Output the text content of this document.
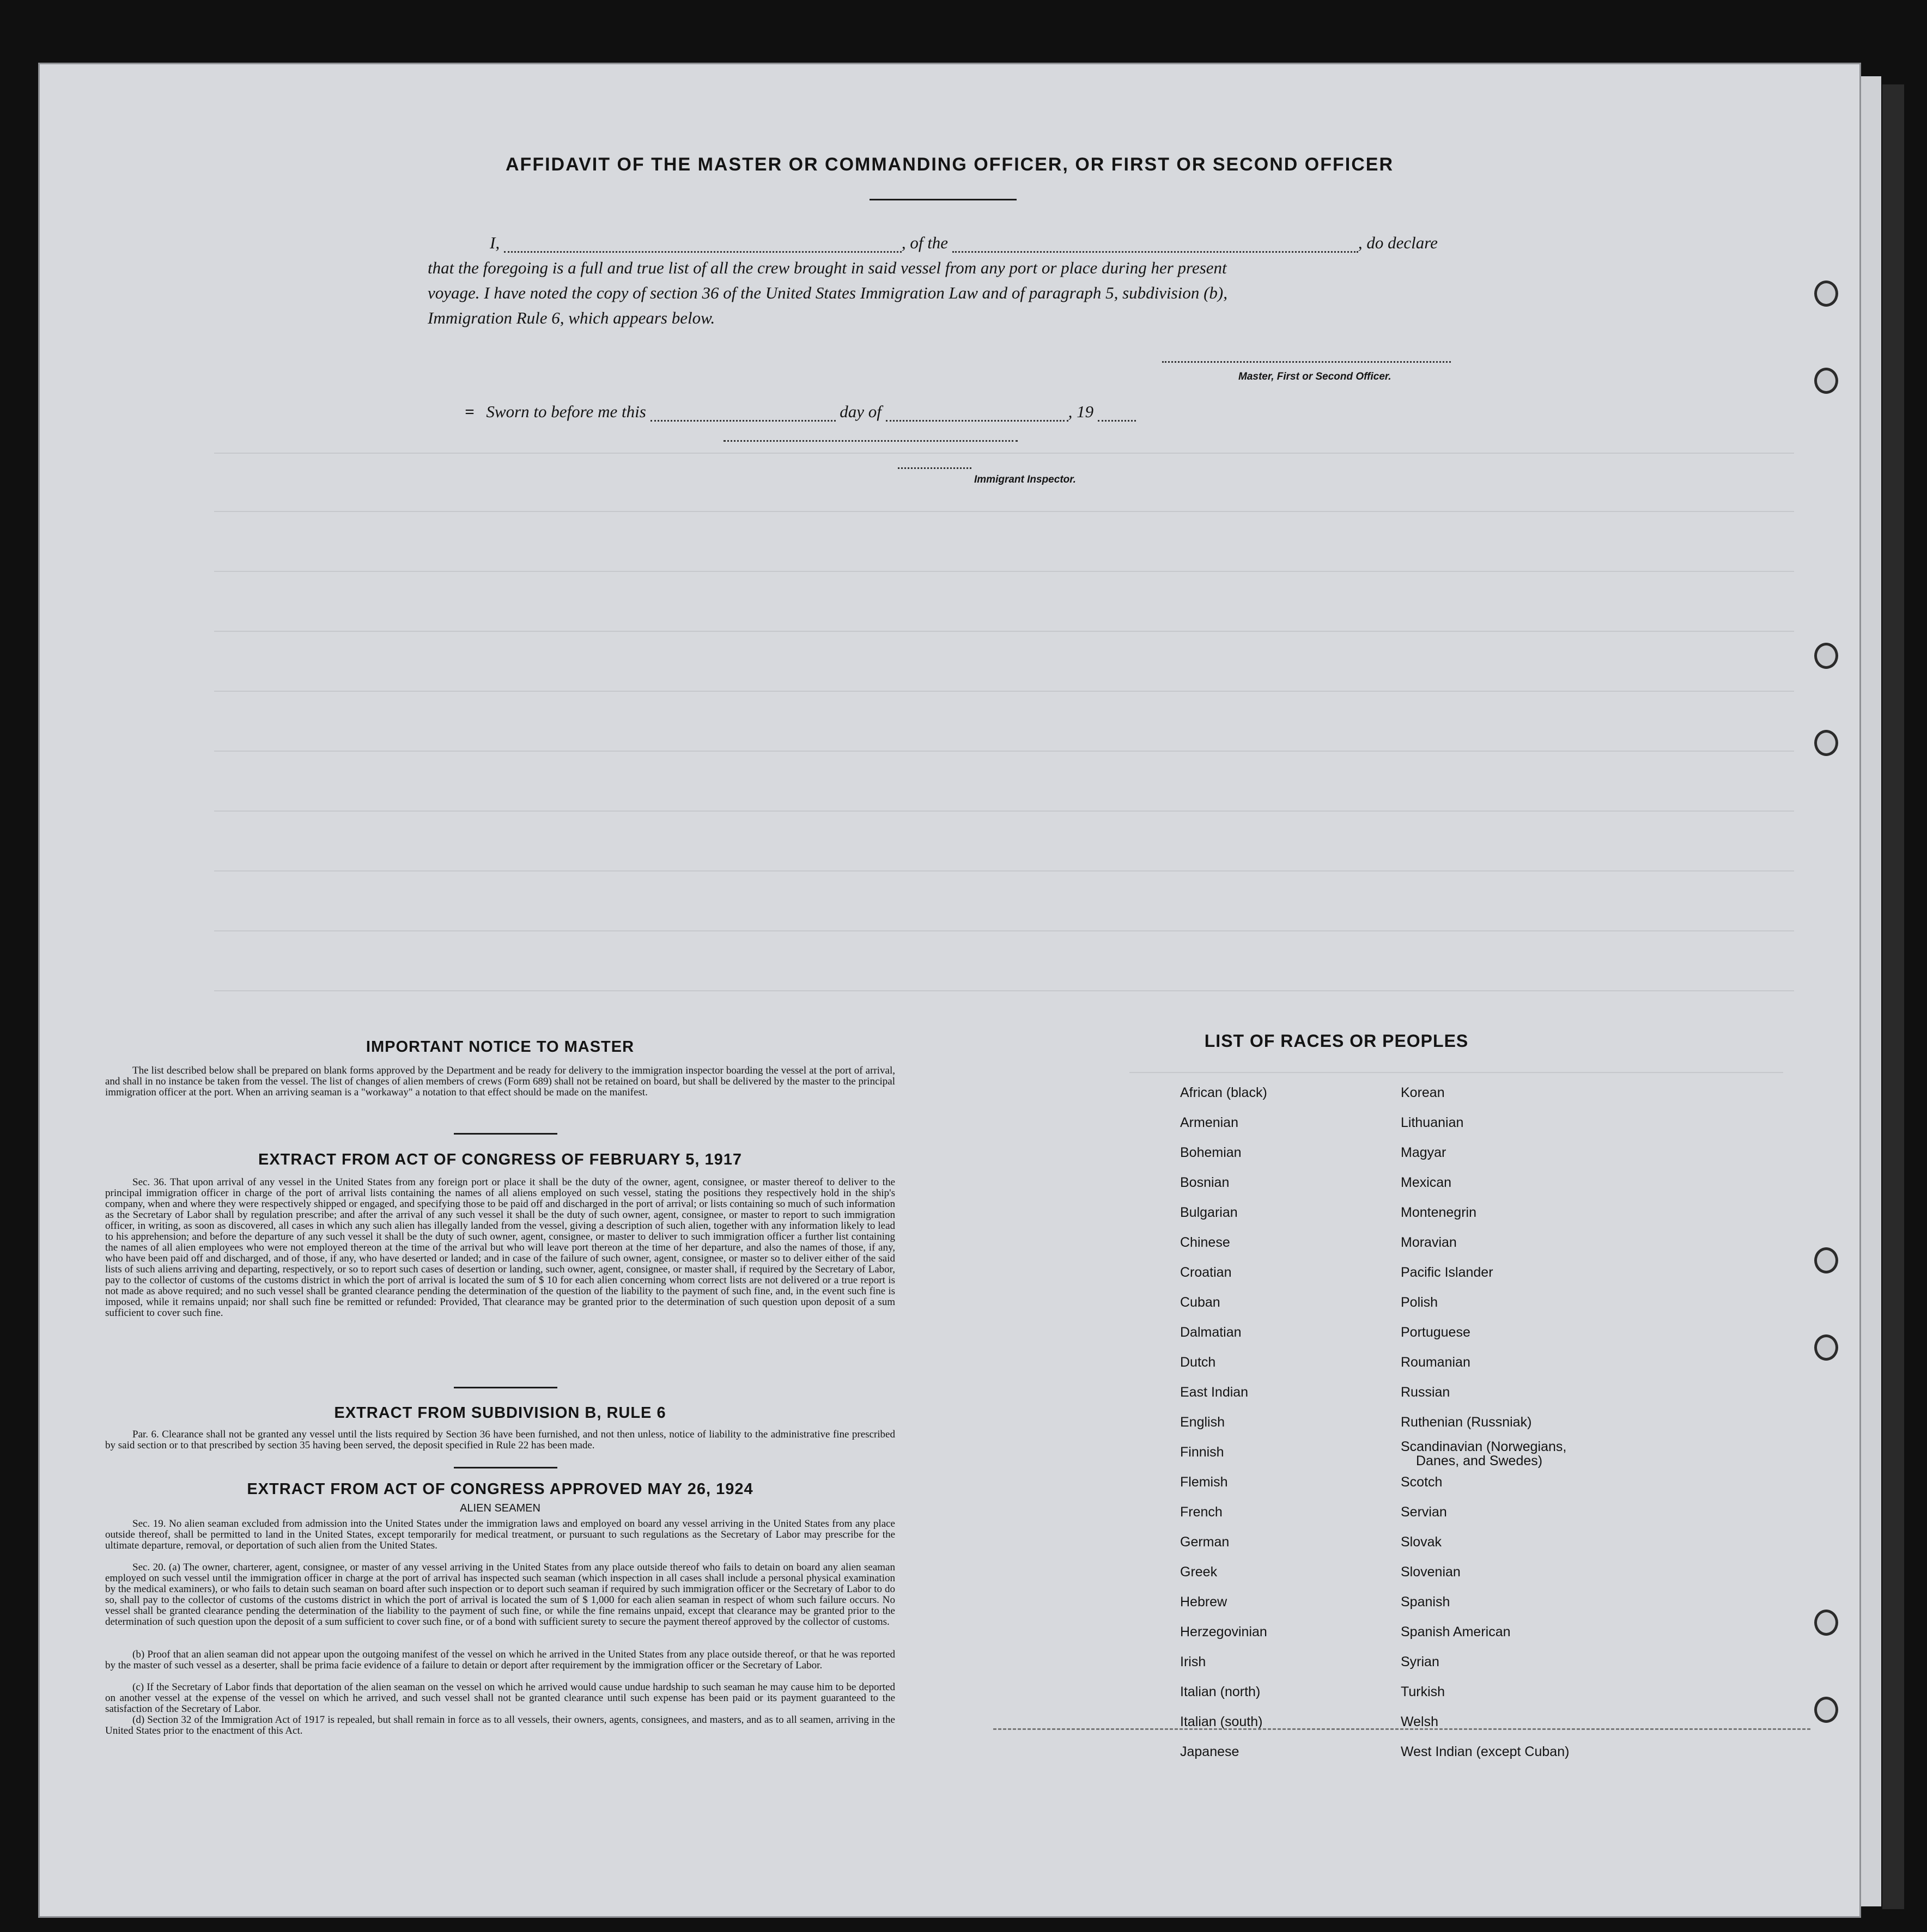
AFFIDAVIT OF THE MASTER OR COMMANDING OFFICER, OR FIRST OR SECOND OFFICER
I,	, of the	, do declare
that the foregoing is a full and true list of all the crew brought in said vessel from any port or place during her present
voyage. I have noted the copy of section 36 of the United States Immigration Law and of paragraph 5, subdivision (b),
Immigration Rule 6, which appears below.
Master, First or Second Officer.
= Sworn to before me this	day of	, 19
Immigrant Inspector.
IMPORTANT NOTICE TO MASTER
The list described below shall be prepared on blank forms approved by the Department and be ready for delivery to the immigration inspector boarding the vessel at the port of arrival, and shall in no instance be taken from the vessel. The list of changes of alien members of crews (Form 689) shall not be retained on board, but shall be delivered by the master to the principal immigration officer at the port. When an arriving seaman is a "workaway" a notation to that effect should be made on the manifest.
EXTRACT FROM ACT OF CONGRESS OF FEBRUARY 5, 1917
Sec. 36. That upon arrival of any vessel in the United States from any foreign port or place it shall be the duty of the owner, agent, consignee, or master thereof to deliver to the principal immigration officer in charge of the port of arrival lists containing the names of all aliens employed on such vessel, stating the positions they respectively hold in the ship's company, when and where they were respectively shipped or engaged, and specifying those to be paid off and discharged in the port of arrival; or lists containing so much of such information as the Secretary of Labor shall by regulation prescribe; and after the arrival of any such vessel it shall be the duty of such owner, agent, consignee, or master to report to such immigration officer, in writing, as soon as discovered, all cases in which any such alien has illegally landed from the vessel, giving a description of such alien, together with any information likely to lead to his apprehension; and before the departure of any such vessel it shall be the duty of such owner, agent, consignee, or master to deliver to such immigration officer a further list containing the names of all alien employees who were not employed thereon at the time of the arrival but who will leave port thereon at the time of her departure, and also the names of those, if any, who have been paid off and discharged, and of those, if any, who have deserted or landed; and in case of the failure of such owner, agent, consignee, or master so to deliver either of the said lists of such aliens arriving and departing, respectively, or so to report such cases of desertion or landing, such owner, agent, consignee, or master shall, if required by the Secretary of Labor, pay to the collector of customs of the customs district in which the port of arrival is located the sum of $ 10 for each alien concerning whom correct lists are not delivered or a true report is not made as above required; and no such vessel shall be granted clearance pending the determination of the question of the liability to the payment of such fine, and, in the event such fine is imposed, while it remains unpaid; nor shall such fine be remitted or refunded: Provided, That clearance may be granted prior to the determination of such question upon deposit of a sum sufficient to cover such fine.
EXTRACT FROM SUBDIVISION B, RULE 6
Par. 6. Clearance shall not be granted any vessel until the lists required by Section 36 have been furnished, and not then unless, notice of liability to the administrative fine prescribed by said section or to that prescribed by section 35 having been served, the deposit specified in Rule 22 has been made.
EXTRACT FROM ACT OF CONGRESS APPROVED MAY 26, 1924
ALIEN SEAMEN
Sec. 19. No alien seaman excluded from admission into the United States under the immigration laws and employed on board any vessel arriving in the United States from any place outside thereof, shall be permitted to land in the United States, except temporarily for medical treatment, or pursuant to such regulations as the Secretary of Labor may prescribe for the ultimate departure, removal, or deportation of such alien from the United States.
Sec. 20. (a) The owner, charterer, agent, consignee, or master of any vessel arriving in the United States from any place outside thereof who fails to detain on board any alien seaman employed on such vessel until the immigration officer in charge at the port of arrival has inspected such seaman (which inspection in all cases shall include a personal physical examination by the medical examiners), or who fails to detain such seaman on board after such inspection or to deport such seaman if required by such immigration officer or the Secretary of Labor to do so, shall pay to the collector of customs of the customs district in which the port of arrival is located the sum of $ 1,000 for each alien seaman in respect of whom such failure occurs. No vessel shall be granted clearance pending the determination of the liability to the payment of such fine, or while the fine remains unpaid, except that clearance may be granted prior to the determination of such question upon the deposit of a sum sufficient to cover such fine, or of a bond with sufficient surety to secure the payment thereof approved by the collector of customs.
(b) Proof that an alien seaman did not appear upon the outgoing manifest of the vessel on which he arrived in the United States from any place outside thereof, or that he was reported by the master of such vessel as a deserter, shall be prima facie evidence of a failure to detain or deport after requirement by the immigration officer or the Secretary of Labor.
(c) If the Secretary of Labor finds that deportation of the alien seaman on the vessel on which he arrived would cause undue hardship to such seaman he may cause him to be deported on another vessel at the expense of the vessel on which he arrived, and such vessel shall not be granted clearance until such expense has been paid or its payment guaranteed to the satisfaction of the Secretary of Labor.
(d) Section 32 of the Immigration Act of 1917 is repealed, but shall remain in force as to all vessels, their owners, agents, consignees, and masters, and as to all seamen, arriving in the United States prior to the enactment of this Act.
LIST OF RACES OR PEOPLES
African (black)
Armenian
Bohemian
Bosnian
Bulgarian
Chinese
Croatian
Cuban
Dalmatian
Dutch
East Indian
English
Finnish
Flemish
French
German
Greek
Hebrew
Herzegovinian
Irish
Italian (north)
Italian (south)
Japanese
Korean
Lithuanian
Magyar
Mexican
Montenegrin
Moravian
Pacific Islander
Polish
Portuguese
Roumanian
Russian
Ruthenian (Russniak)
Scandinavian (Norwegians,
Danes, and Swedes)
Scotch
Servian
Slovak
Slovenian
Spanish
Spanish American
Syrian
Turkish
Welsh
West Indian (except Cuban)
